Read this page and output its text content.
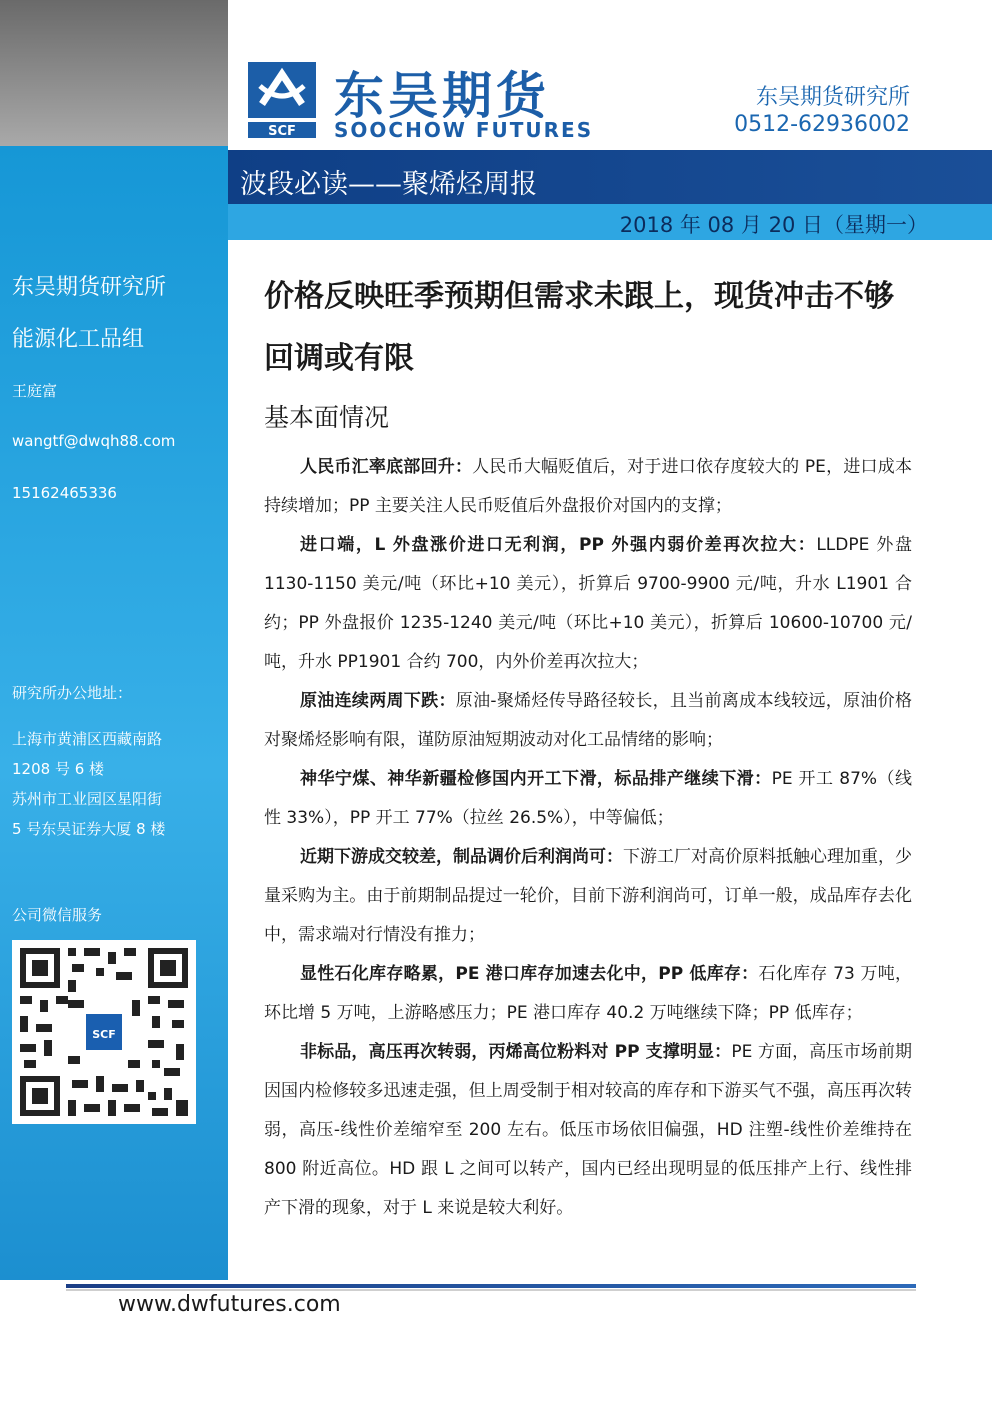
东吴期货研究所
能源化工品组
王庭富
wangtf@dwqh88.com
15162465336
研究所办公地址：
上海市黄浦区西藏南路
1208 号 6 楼
苏州市工业园区星阳街
5 号东吴证券大厦 8 楼
公司微信服务
SCF
SCF
东吴期货
SOOCHOW FUTURES
东吴期货研究所
0512-62936002
波段必读——聚烯烃周报
2018 年 08 月 20 日（星期一）
价格反映旺季预期但需求未跟上，现货冲击不够回调或有限
基本面情况

人民币汇率底部回升：人民币大幅贬值后，对于进口依存度较大的 PE，进口成本持续增加；PP 主要关注人民币贬值后外盘报价对国内的支撑；

进口端，L 外盘涨价进口无利润，PP 外强内弱价差再次拉大：LLDPE 外盘 1130-1150 美元/吨（环比+10 美元），折算后 9700-9900 元/吨，升水 L1901 合约；PP 外盘报价 1235-1240 美元/吨（环比+10 美元），折算后 10600-10700 元/吨，升水 PP1901 合约 700，内外价差再次拉大；

原油连续两周下跌：原油-聚烯烃传导路径较长，且当前离成本线较远，原油价格对聚烯烃影响有限，谨防原油短期波动对化工品情绪的影响；

神华宁煤、神华新疆检修国内开工下滑，标品排产继续下滑：PE 开工 87%（线性 33%），PP 开工 77%（拉丝 26.5%），中等偏低；

近期下游成交较差，制品调价后利润尚可：下游工厂对高价原料抵触心理加重，少量采购为主。由于前期制品提过一轮价，目前下游利润尚可，订单一般，成品库存去化中，需求端对行情没有推力；

显性石化库存略累，PE 港口库存加速去化中，PP 低库存：石化库存 73 万吨，环比增 5 万吨，上游略感压力；PE 港口库存 40.2 万吨继续下降；PP 低库存；

非标品，高压再次转弱，丙烯高位粉料对 PP 支撑明显：PE 方面，高压市场前期因国内检修较多迅速走强，但上周受制于相对较高的库存和下游买气不强，高压再次转弱，高压-线性价差缩窄至 200 左右。低压市场依旧偏强，HD 注塑-线性价差维持在 800 附近高位。HD 跟 L 之间可以转产，国内已经出现明显的低压排产上行、线性排产下滑的现象，对于 L 来说是较大利好。

www.dwfutures.com
